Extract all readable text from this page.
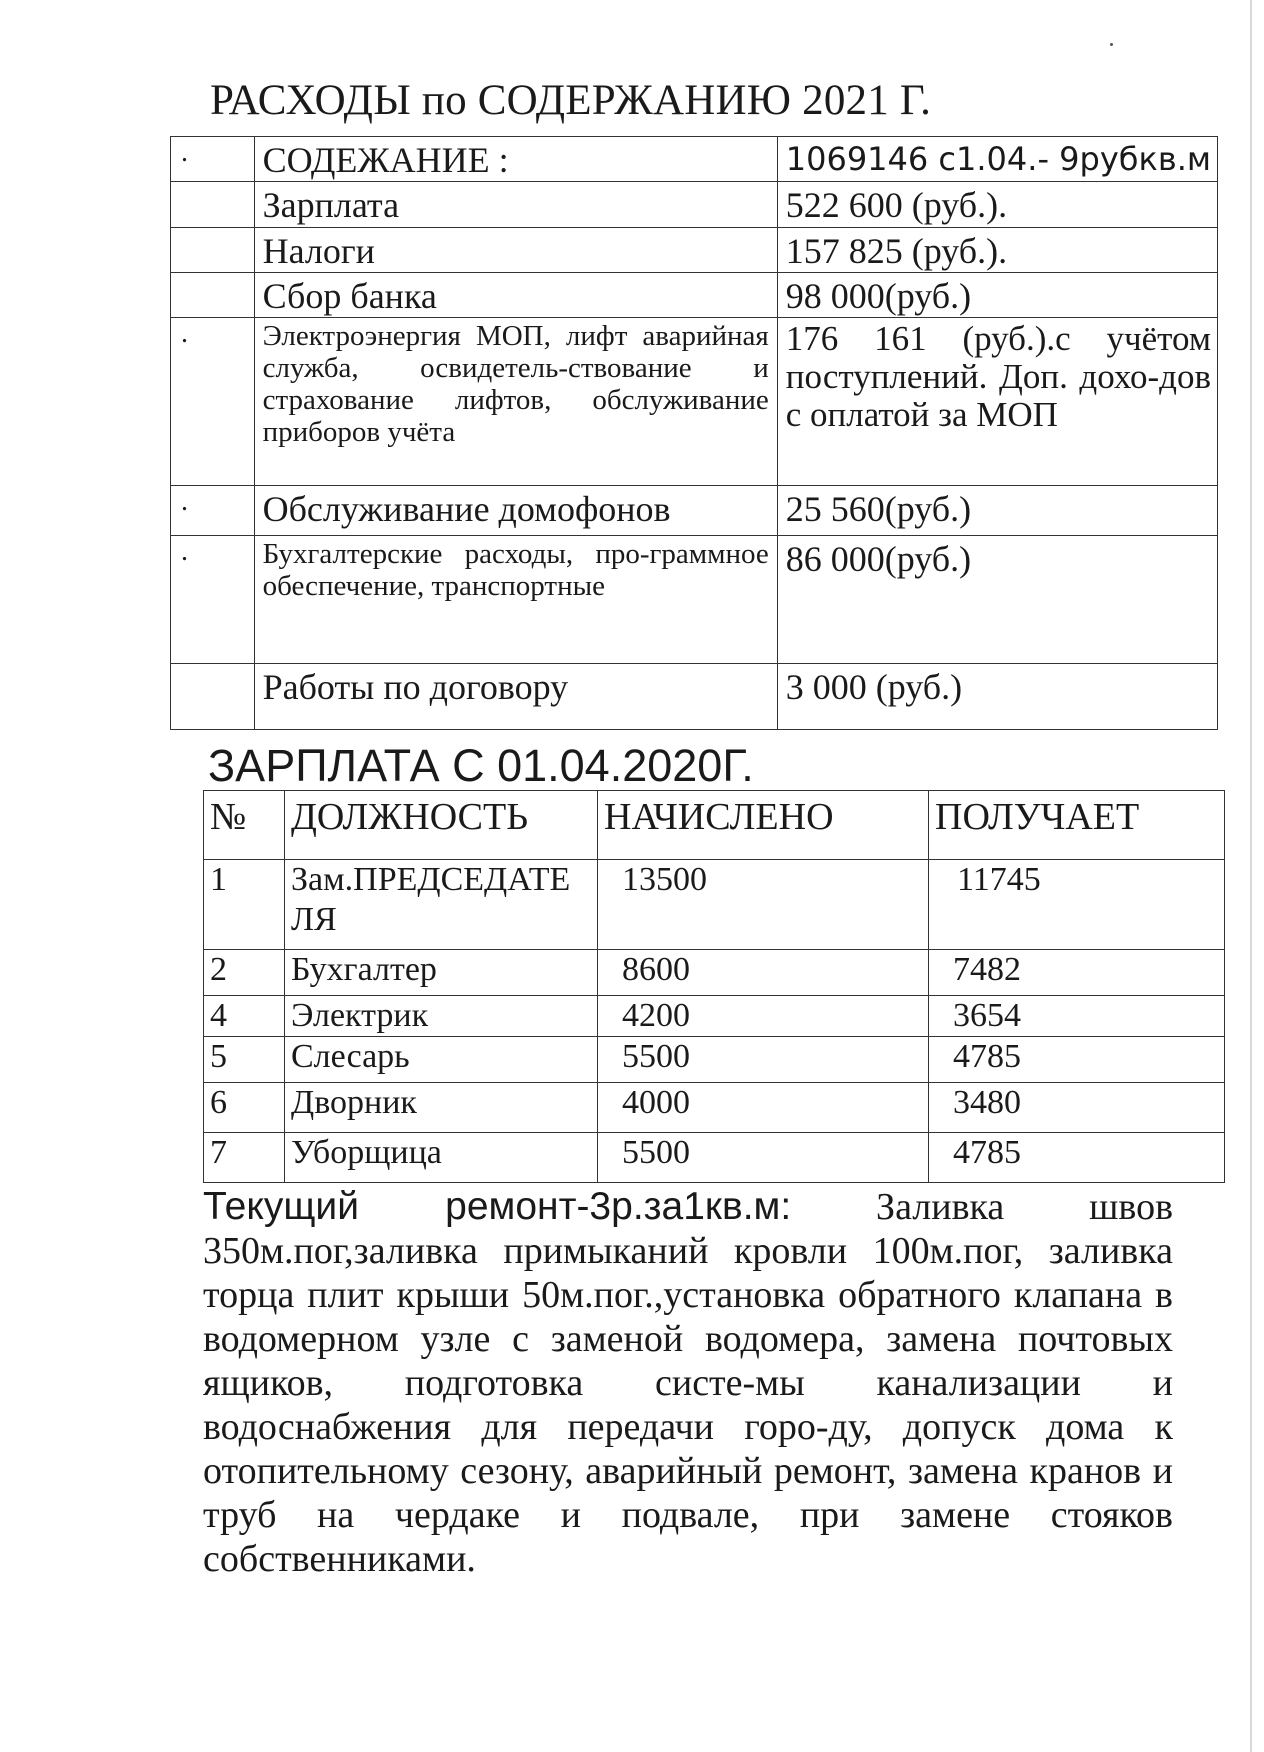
РАСХОДЫ по СОДЕРЖАНИЮ 2021 Г.
.	СОДЕЖАНИЕ :	1069146 с1.04.- 9рубкв.м
	Зарплата	522 600 (руб.).
	Налоги	157 825 (руб.).
	Сбор банка	98 000(руб.)
.	Электроэнергия МОП, лифт аварийная служба, освидетель-ствование и страхование лифтов, обслуживание приборов учёта	176 161 (руб.).с учётом поступлений. Доп. дохо-дов с оплатой за МОП
.	Обслуживание домофонов	25 560(руб.)
.	Бухгалтерские расходы, про-граммное обеспечение, транспортные	86 000(руб.)
	Работы по договору	3 000 (руб.)
ЗАРПЛАТА С 01.04.2020Г.
№	ДОЛЖНОСТЬ	НАЧИСЛЕНО	ПОЛУЧАЕТ
1	Зам.ПРЕДСЕДАТЕ ЛЯ	13500	11745
2	Бухгалтер	8600	7482
4	Электрик	4200	3654
5	Слесарь	5500	4785
6	Дворник	4000	3480
7	Уборщица	5500	4785
Текущий ремонт-3р.за1кв.м: Заливка швов 350м.пог,заливка примыканий кровли 100м.пог, заливка торца плит крыши 50м.пог.,установка обратного клапана в водомерном узле с заменой водомера, замена почтовых ящиков, подготовка систе-мы канализации и водоснабжения для передачи горо-ду, допуск дома к отопительному сезону, аварийный ремонт, замена кранов и труб на чердаке и подвале, при замене стояков собственниками.
